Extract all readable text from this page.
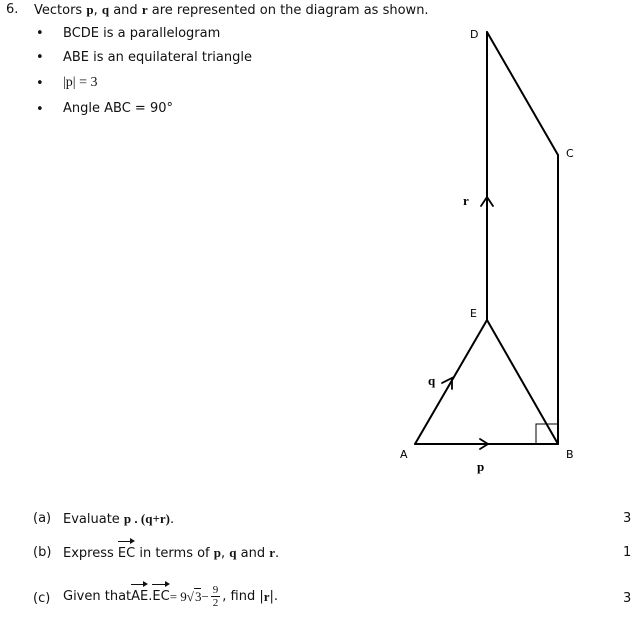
6. Vectors p, q and r are represented on the diagram as shown.
• BCDE is a parallelogram
• ABE is an equilateral triangle
• |p| = 3
• Angle ABC = 90°
D
C
E
A	B
r
q
p
(a) Evaluate p . (q+r).	3
(b) Express EC in terms of p, q and r.	1
(c) Given that AE . EC = 9 √ $3 - \frac{9}{2}$ , find | r |.	3
